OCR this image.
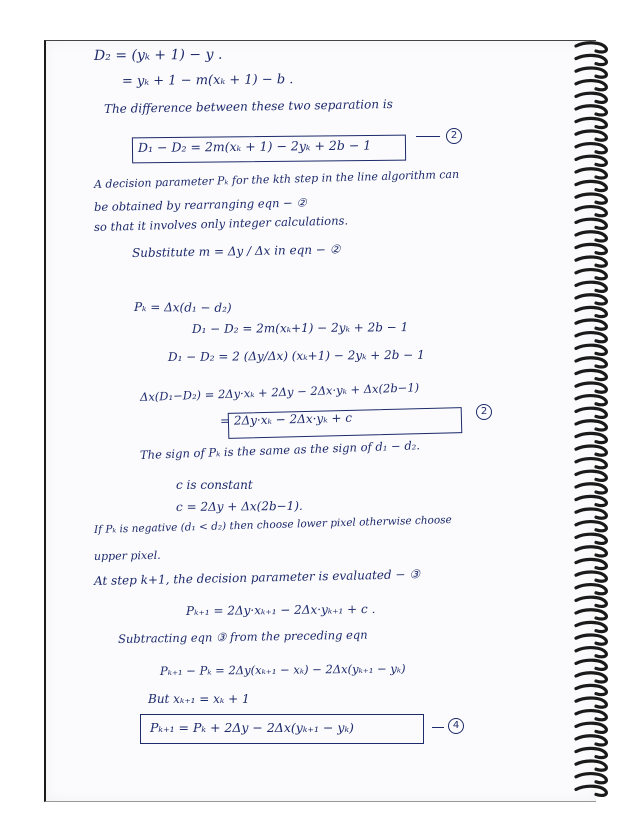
D₂ = (yₖ + 1) − y .
= yₖ + 1 − m(xₖ + 1) − b .
The difference between these two separation is
D₁ − D₂ = 2m(xₖ + 1) − 2yₖ + 2b − 1
2
A decision parameter Pₖ for the kth step in the line algorithm can
be obtained by rearranging eqn − ②
so that it involves only integer calculations.
Substitute m = Δy / Δx in eqn − ②
Pₖ = Δx(d₁ − d₂)
D₁ − D₂ = 2m(xₖ+1) − 2yₖ + 2b − 1
D₁ − D₂ = 2 (Δy/Δx) (xₖ+1) − 2yₖ + 2b − 1
Δx(D₁−D₂) = 2Δy·xₖ + 2Δy − 2Δx·yₖ + Δx(2b−1)
= 2Δy·xₖ − 2Δx·yₖ + c	2
The sign of Pₖ is the same as the sign of d₁ − d₂.
c is constant
c = 2Δy + Δx(2b−1).
If Pₖ is negative (d₁ < d₂) then choose lower pixel otherwise choose
upper pixel.
At step k+1, the decision parameter is evaluated − ③
Pₖ₊₁ = 2Δy·xₖ₊₁ − 2Δx·yₖ₊₁ + c .
Subtracting eqn ③ from the preceding eqn
Pₖ₊₁ − Pₖ = 2Δy(xₖ₊₁ − xₖ) − 2Δx(yₖ₊₁ − yₖ)
But xₖ₊₁ = xₖ + 1
Pₖ₊₁ = Pₖ + 2Δy − 2Δx(yₖ₊₁ − yₖ)	4
